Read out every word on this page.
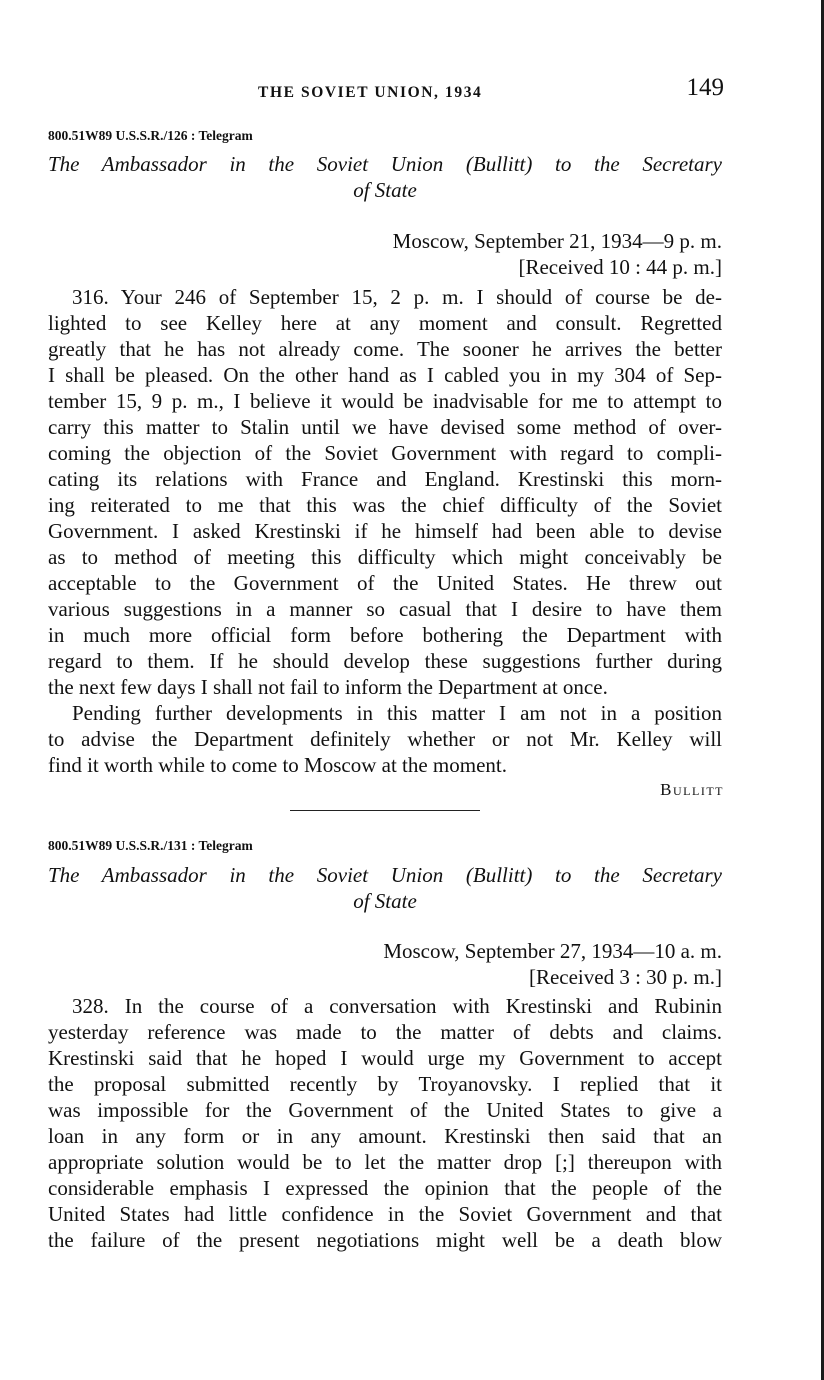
THE SOVIET UNION, 1934	149
800.51W89 U.S.S.R./126 : Telegram
The Ambassador in the Soviet Union (Bullitt) to the Secretary
of State
Moscow, September 21, 1934—9 p. m.
[Received 10 : 44 p. m.]
316. Your 246 of September 15, 2 p. m. I should of course be de-
lighted to see Kelley here at any moment and consult. Regretted
greatly that he has not already come. The sooner he arrives the better
I shall be pleased. On the other hand as I cabled you in my 304 of Sep-
tember 15, 9 p. m., I believe it would be inadvisable for me to attempt to
carry this matter to Stalin until we have devised some method of over-
coming the objection of the Soviet Government with regard to compli-
cating its relations with France and England. Krestinski this morn-
ing reiterated to me that this was the chief difficulty of the Soviet
Government. I asked Krestinski if he himself had been able to devise
as to method of meeting this difficulty which might conceivably be
acceptable to the Government of the United States. He threw out
various suggestions in a manner so casual that I desire to have them
in much more official form before bothering the Department with
regard to them. If he should develop these suggestions further during
the next few days I shall not fail to inform the Department at once.
Pending further developments in this matter I am not in a position
to advise the Department definitely whether or not Mr. Kelley will
find it worth while to come to Moscow at the moment.
Bullitt
800.51W89 U.S.S.R./131 : Telegram
The Ambassador in the Soviet Union (Bullitt) to the Secretary
of State
Moscow, September 27, 1934—10 a. m.
[Received 3 : 30 p. m.]
328. In the course of a conversation with Krestinski and Rubinin
yesterday reference was made to the matter of debts and claims.
Krestinski said that he hoped I would urge my Government to accept
the proposal submitted recently by Troyanovsky. I replied that it
was impossible for the Government of the United States to give a
loan in any form or in any amount. Krestinski then said that an
appropriate solution would be to let the matter drop [;] thereupon with
considerable emphasis I expressed the opinion that the people of the
United States had little confidence in the Soviet Government and that
the failure of the present negotiations might well be a death blow
